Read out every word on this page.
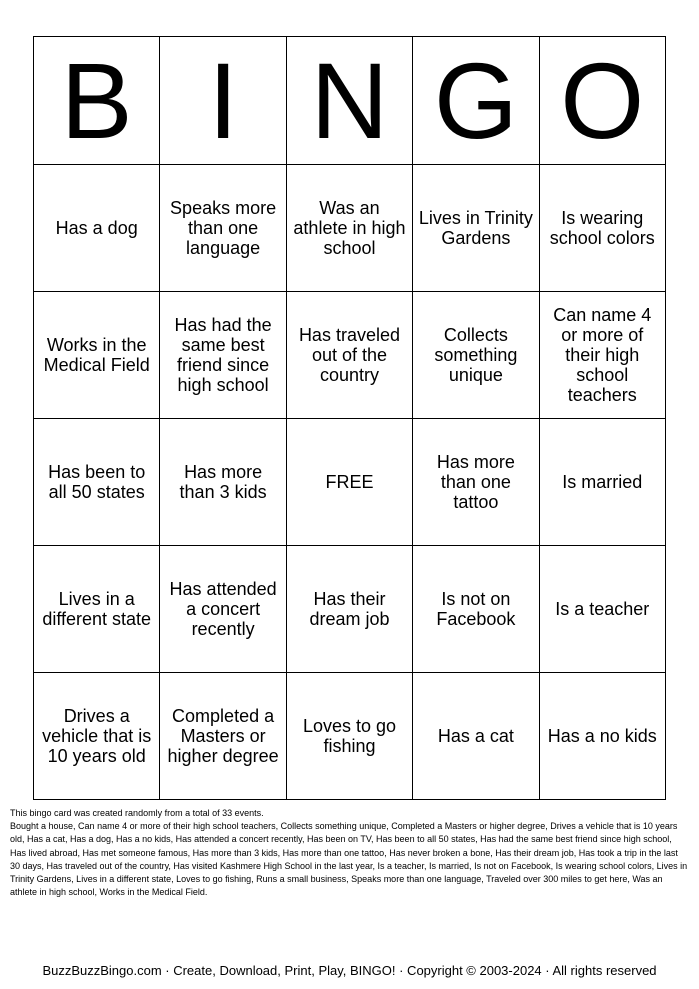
B	I	N	G	O
Has a dog	Speaks more than one language	Was an athlete in high school	Lives in Trinity Gardens	Is wearing school colors
Works in the Medical Field	Has had the same best friend since high school	Has traveled out of the country	Collects something unique	Can name 4 or more of their high school teachers
Has been to all 50 states	Has more than 3 kids	FREE	Has more than one tattoo	Is married
Lives in a different state	Has attended a concert recently	Has their dream job	Is not on Facebook	Is a teacher
Drives a vehicle that is 10 years old	Completed a Masters or higher degree	Loves to go fishing	Has a cat	Has a no kids

This bingo card was created randomly from a total of 33 events.

Bought a house, Can name 4 or more of their high school teachers, Collects something unique, Completed a Masters or higher degree, Drives a vehicle that is 10 years old, Has a cat, Has a dog, Has a no kids, Has attended a concert recently, Has been on TV, Has been to all 50 states, Has had the same best friend since high school, Has lived abroad, Has met someone famous, Has more than 3 kids, Has more than one tattoo, Has never broken a bone, Has their dream job, Has took a trip in the last 30 days, Has traveled out of the country, Has visited Kashmere High School in the last year, Is a teacher, Is married, Is not on Facebook, Is wearing school colors, Lives in Trinity Gardens, Lives in a different state, Loves to go fishing, Runs a small business, Speaks more than one language, Traveled over 300 miles to get here, Was an athlete in high school, Works in the Medical Field.

BuzzBuzzBingo.com · Create, Download, Print, Play, BINGO! · Copyright © 2003-2024 · All rights reserved
